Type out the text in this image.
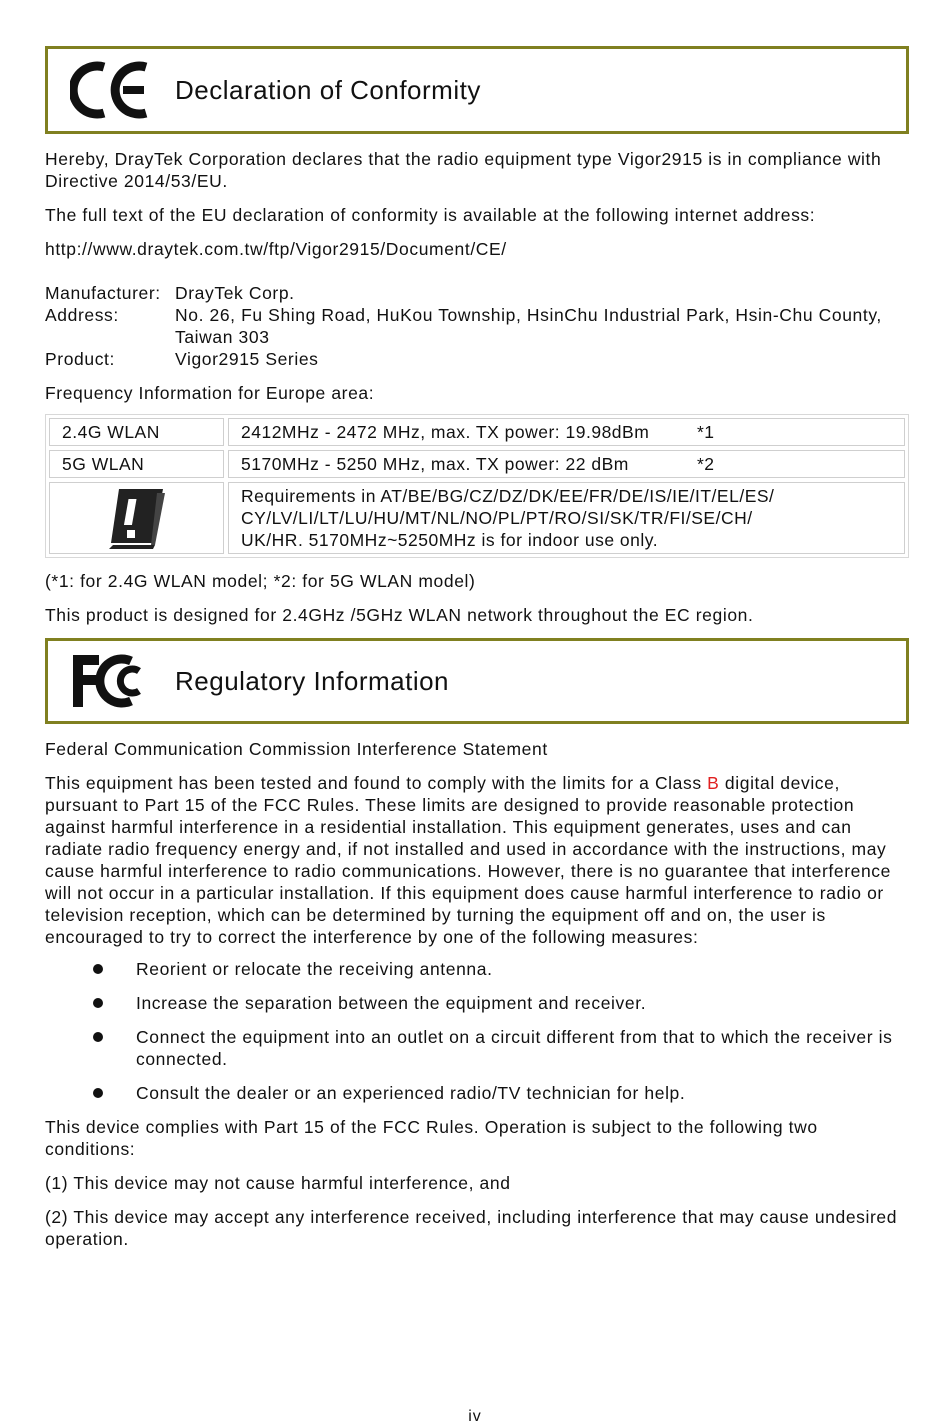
Declaration of Conformity

Hereby, DrayTek Corporation declares that the radio equipment type Vigor2915 is in compliance with Directive 2014/53/EU.

The full text of the EU declaration of conformity is available at the following internet address:

http://www.draytek.com.tw/ftp/Vigor2915/Document/CE/

Manufacturer: DrayTek Corp.
Address:	No. 26, Fu Shing Road, HuKou Township, HsinChu Industrial Park, Hsin-Chu County, Taiwan 303
Product:	Vigor2915 Series

Frequency Information for Europe area:

2.4G WLAN	2412MHz - 2472 MHz, max. TX power: 19.98dBm	*1
5G WLAN	5170MHz - 5250 MHz, max. TX power: 22 dBm	*2
Requirements in AT/BE/BG/CZ/DZ/DK/EE/FR/DE/IS/IE/IT/EL/ES/ CY/LV/LI/LT/LU/HU/MT/NL/NO/PL/PT/RO/SI/SK/TR/FI/SE/CH/ UK/HR. 5170MHz~5250MHz is for indoor use only.

(*1: for 2.4G WLAN model; *2: for 5G WLAN model)

This product is designed for 2.4GHz /5GHz WLAN network throughout the EC region.

Regulatory Information

Federal Communication Commission Interference Statement

This equipment has been tested and found to comply with the limits for a Class B digital device, pursuant to Part 15 of the FCC Rules. These limits are designed to provide reasonable protection against harmful interference in a residential installation. This equipment generates, uses and can radiate radio frequency energy and, if not installed and used in accordance with the instructions, may cause harmful interference to radio communications. However, there is no guarantee that interference will not occur in a particular installation. If this equipment does cause harmful interference to radio or television reception, which can be determined by turning the equipment off and on, the user is encouraged to try to correct the interference by one of the following measures:

Reorient or relocate the receiving antenna.
Increase the separation between the equipment and receiver.
Connect the equipment into an outlet on a circuit different from that to which the receiver is connected.
Consult the dealer or an experienced radio/TV technician for help.

This device complies with Part 15 of the FCC Rules. Operation is subject to the following two conditions:

(1) This device may not cause harmful interference, and

(2) This device may accept any interference received, including interference that may cause undesired operation.

iv
